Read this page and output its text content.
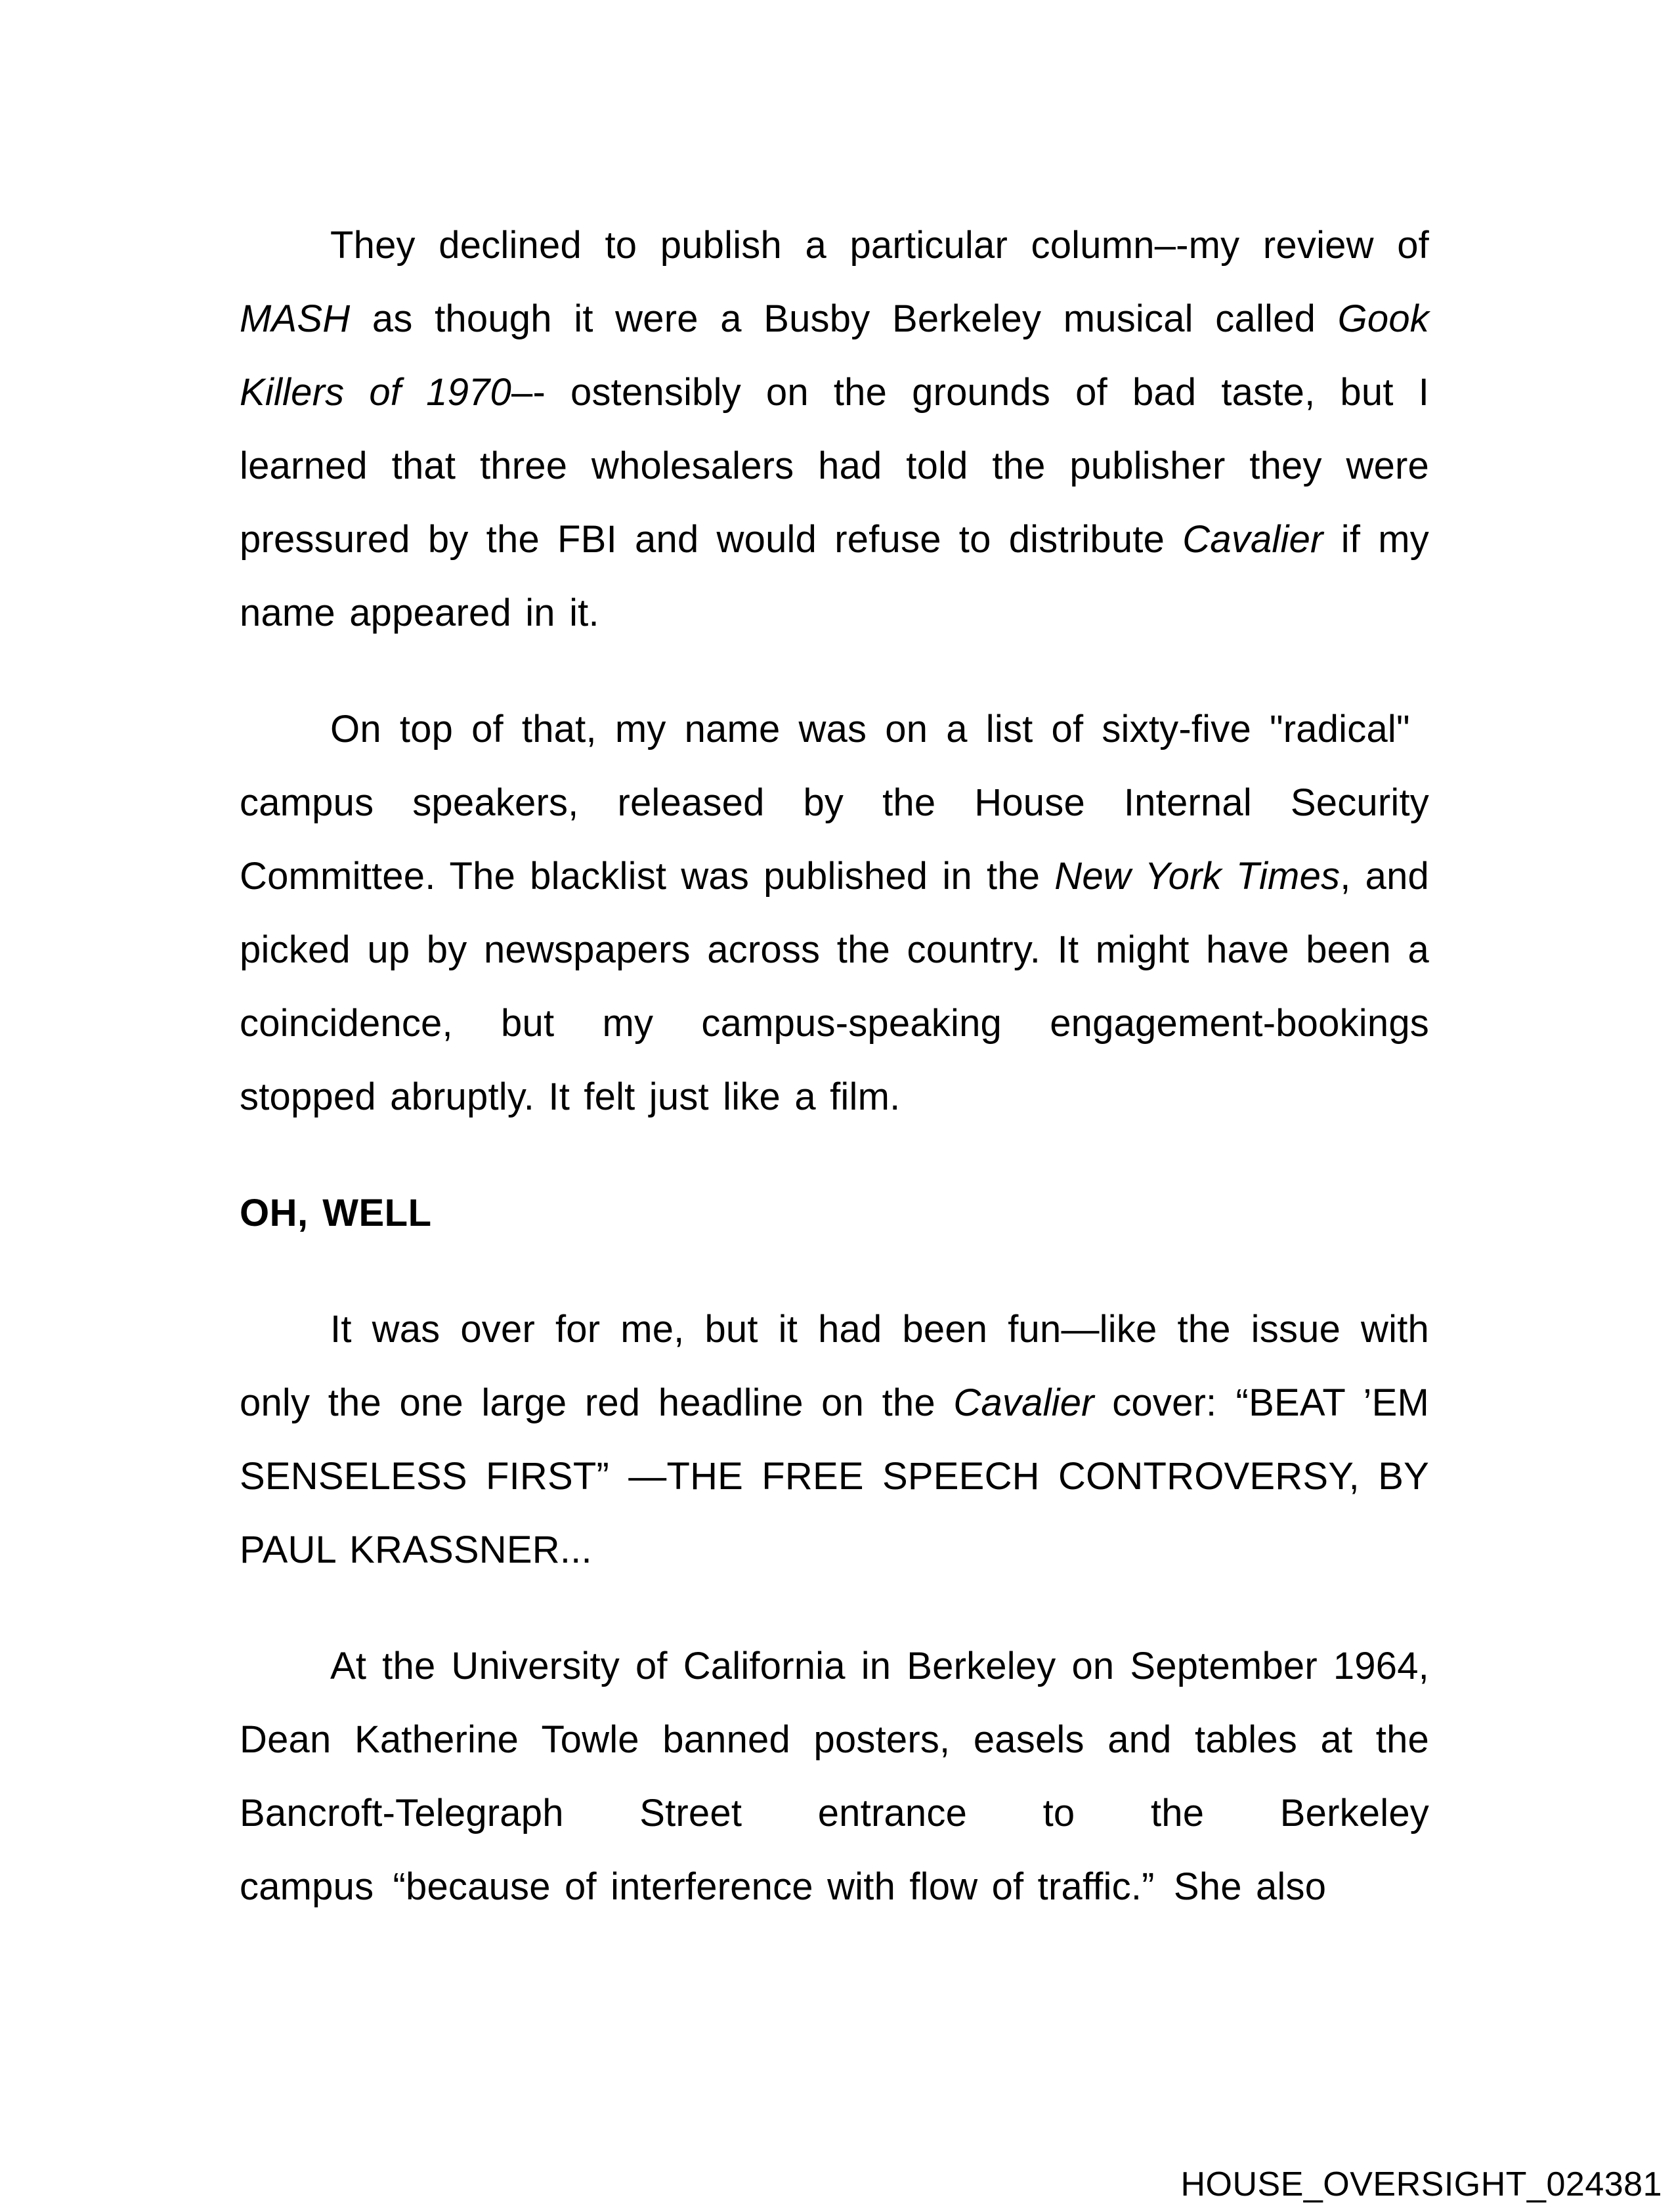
They declined to publish a particular column–-my review of MASH as though it were a Busby Berkeley musical called Gook Killers of 1970–- ostensibly on the grounds of bad taste, but I learned that three wholesalers had told the publisher they were pressured by the FBI and would refuse to distribute Cavalier if my name appeared in it.

On top of that, my name was on a list of sixty-five "radical" campus speakers, released by the House Internal Security Committee. The blacklist was published in the New York Times, and picked up by newspapers across the country. It might have been a coincidence, but my campus-speaking engagement-bookings stopped abruptly. It felt just like a film.

OH, WELL

It was over for me, but it had been fun—like the issue with only the one large red headline on the Cavalier cover: “BEAT ’EM SENSELESS FIRST” —THE FREE SPEECH CONTROVERSY, BY PAUL KRASSNER...

At the University of California in Berkeley on September 1964, Dean Katherine Towle banned posters, easels and tables at the Bancroft-Telegraph Street entrance to the Berkeley campus “because of interference with flow of traffic.” She also

HOUSE_OVERSIGHT_024381
